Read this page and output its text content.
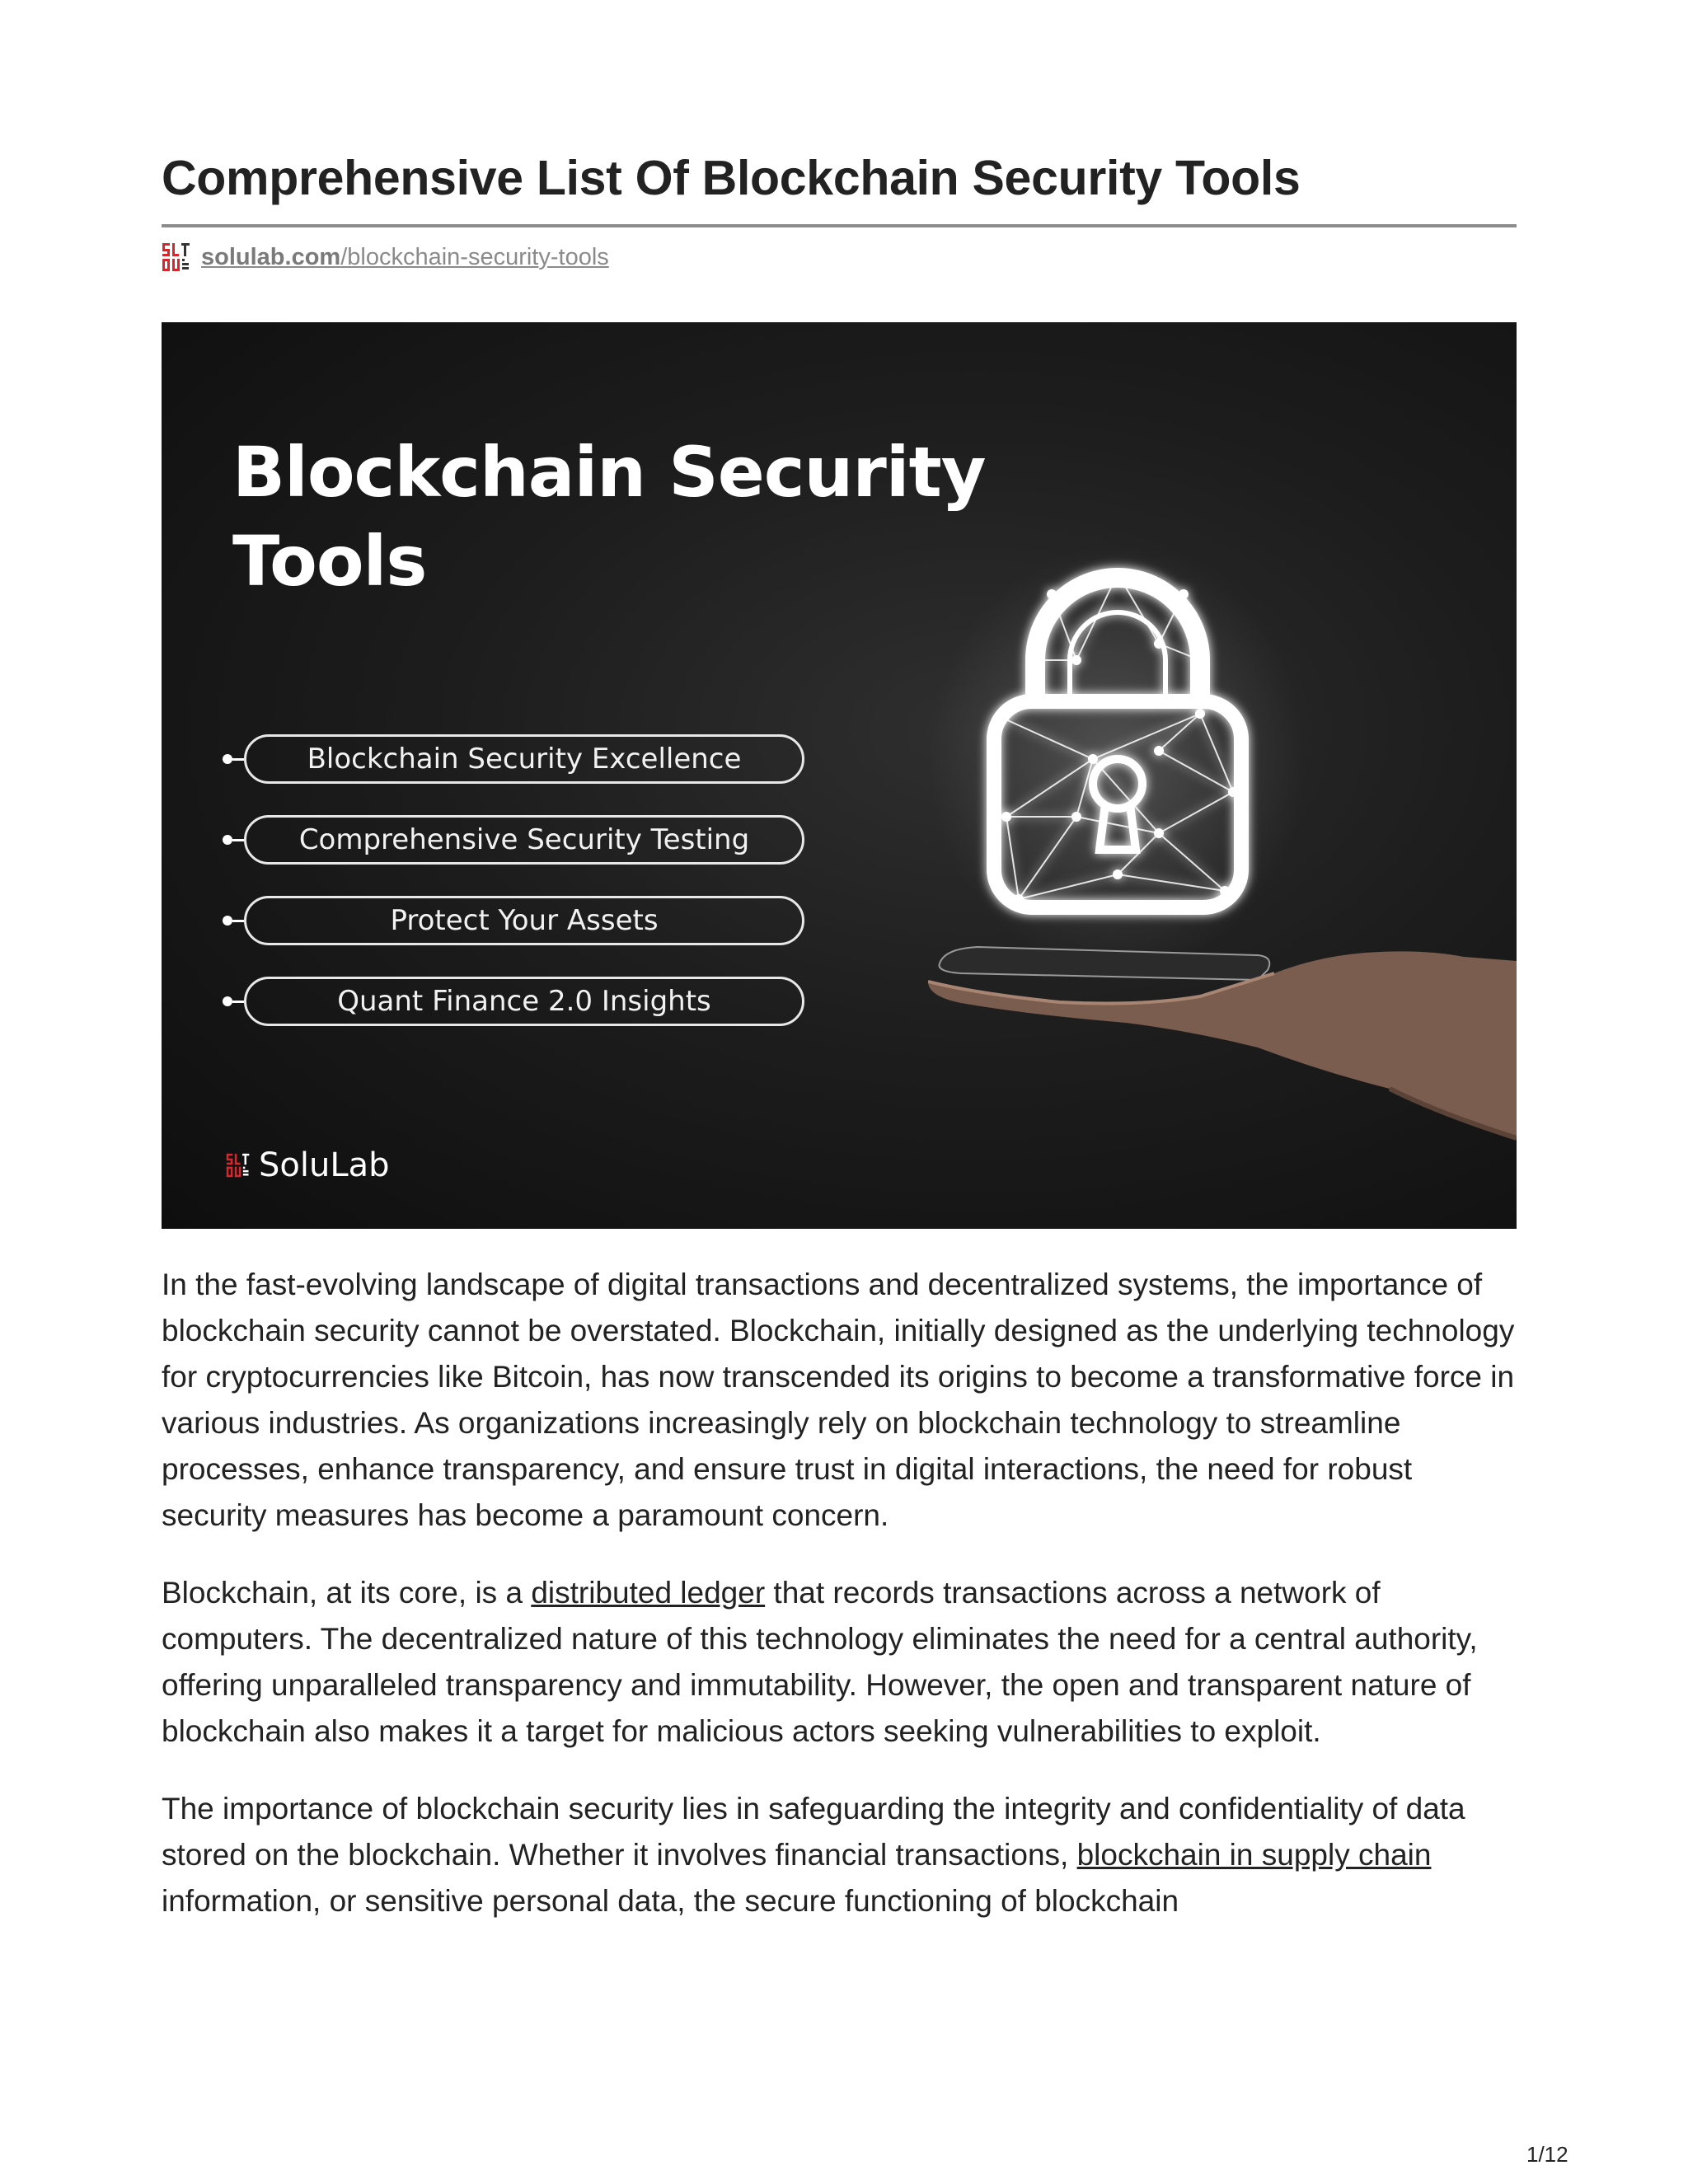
Comprehensive List Of Blockchain Security Tools
solulab.com/blockchain-security-tools
Blockchain Security Tools
Blockchain Security Excellence
Comprehensive Security Testing
Protect Your Assets
Quant Finance 2.0 Insights
SoluLab

In the fast-evolving landscape of digital transactions and decentralized systems, the importance of blockchain security cannot be overstated. Blockchain, initially designed as the underlying technology for cryptocurrencies like Bitcoin, has now transcended its origins to become a transformative force in various industries. As organizations increasingly rely on blockchain technology to streamline processes, enhance transparency, and ensure trust in digital interactions, the need for robust security measures has become a paramount concern.

Blockchain, at its core, is a distributed ledger that records transactions across a network of computers. The decentralized nature of this technology eliminates the need for a central authority, offering unparalleled transparency and immutability. However, the open and transparent nature of blockchain also makes it a target for malicious actors seeking vulnerabilities to exploit.

The importance of blockchain security lies in safeguarding the integrity and confidentiality of data stored on the blockchain. Whether it involves financial transactions, blockchain in supply chain information, or sensitive personal data, the secure functioning of blockchain

1/12
